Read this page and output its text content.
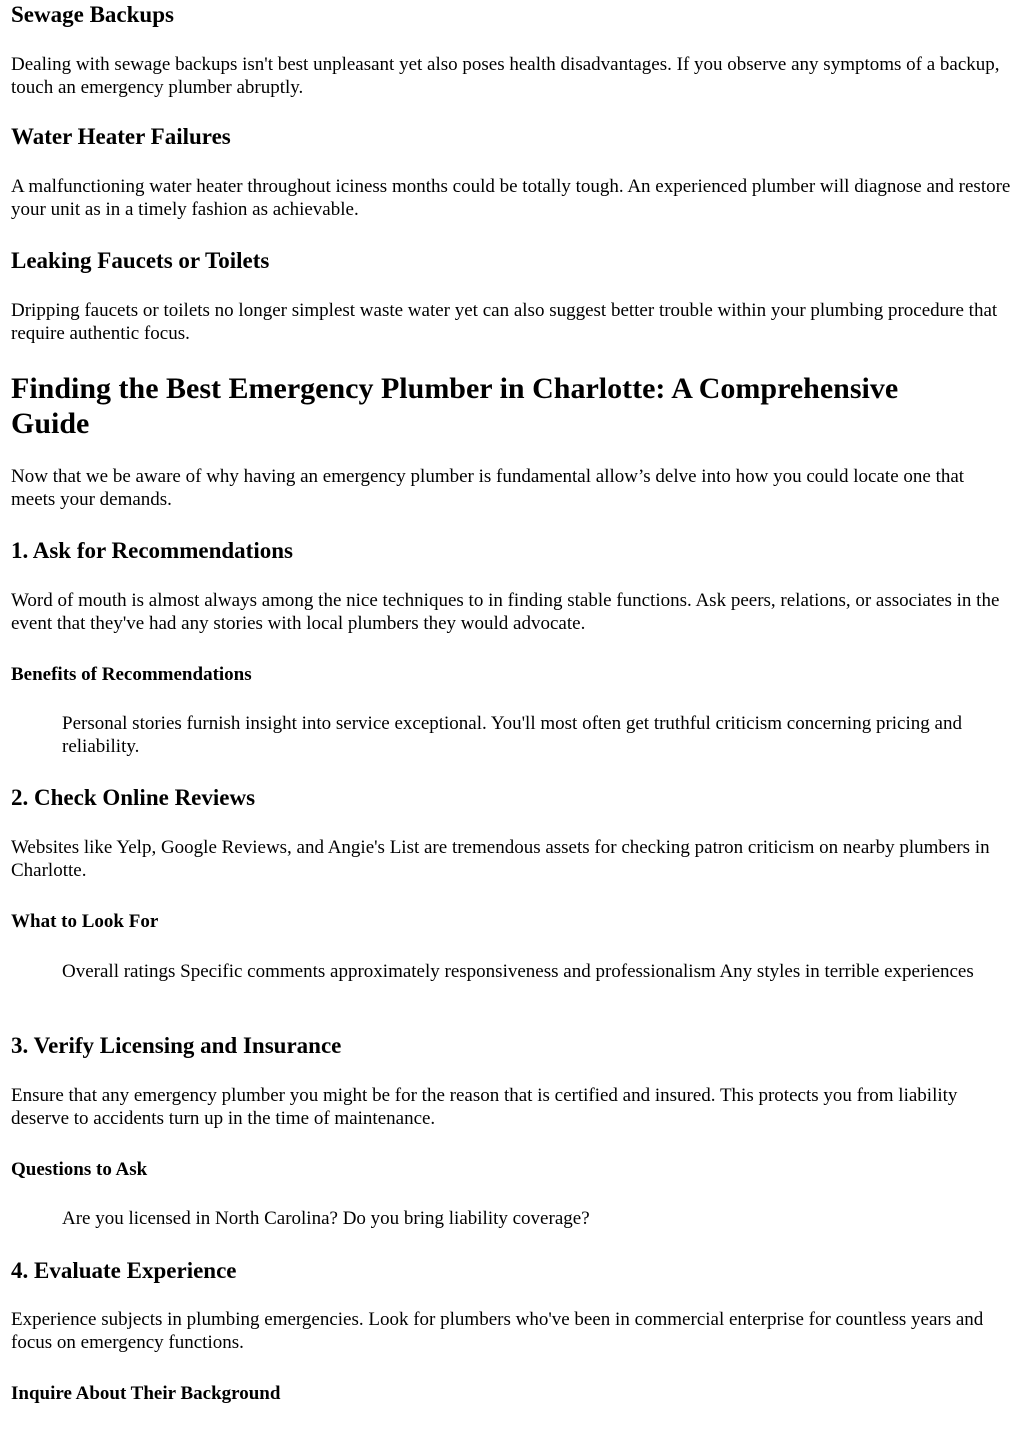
Sewage Backups

Dealing with sewage backups isn't best unpleasant yet also poses health disadvantages. If you observe any symptoms of a backup, touch an emergency plumber abruptly.

Water Heater Failures

A malfunctioning water heater throughout iciness months could be totally tough. An experienced plumber will diagnose and restore your unit as in a timely fashion as achievable.

Leaking Faucets or Toilets

Dripping faucets or toilets no longer simplest waste water yet can also suggest better trouble within your plumbing procedure that require authentic focus.

Finding the Best Emergency Plumber in Charlotte: A Comprehensive Guide

Now that we be aware of why having an emergency plumber is fundamental allow’s delve into how you could locate one that meets your demands.

1. Ask for Recommendations

Word of mouth is almost always among the nice techniques to in finding stable functions. Ask peers, relations, or associates in the event that they've had any stories with local plumbers they would advocate.

Benefits of Recommendations
Personal stories furnish insight into service exceptional. You'll most often get truthful criticism concerning pricing and reliability.
2. Check Online Reviews

Websites like Yelp, Google Reviews, and Angie's List are tremendous assets for checking patron criticism on nearby plumbers in Charlotte.

What to Look For
Overall ratings Specific comments approximately responsiveness and professionalism Any styles in terrible experiences
3. Verify Licensing and Insurance

Ensure that any emergency plumber you might be for the reason that is certified and insured. This protects you from liability deserve to accidents turn up in the time of maintenance.

Questions to Ask
Are you licensed in North Carolina? Do you bring liability coverage?
4. Evaluate Experience

Experience subjects in plumbing emergencies. Look for plumbers who've been in commercial enterprise for countless years and focus on emergency functions.

Inquire About Their Background
